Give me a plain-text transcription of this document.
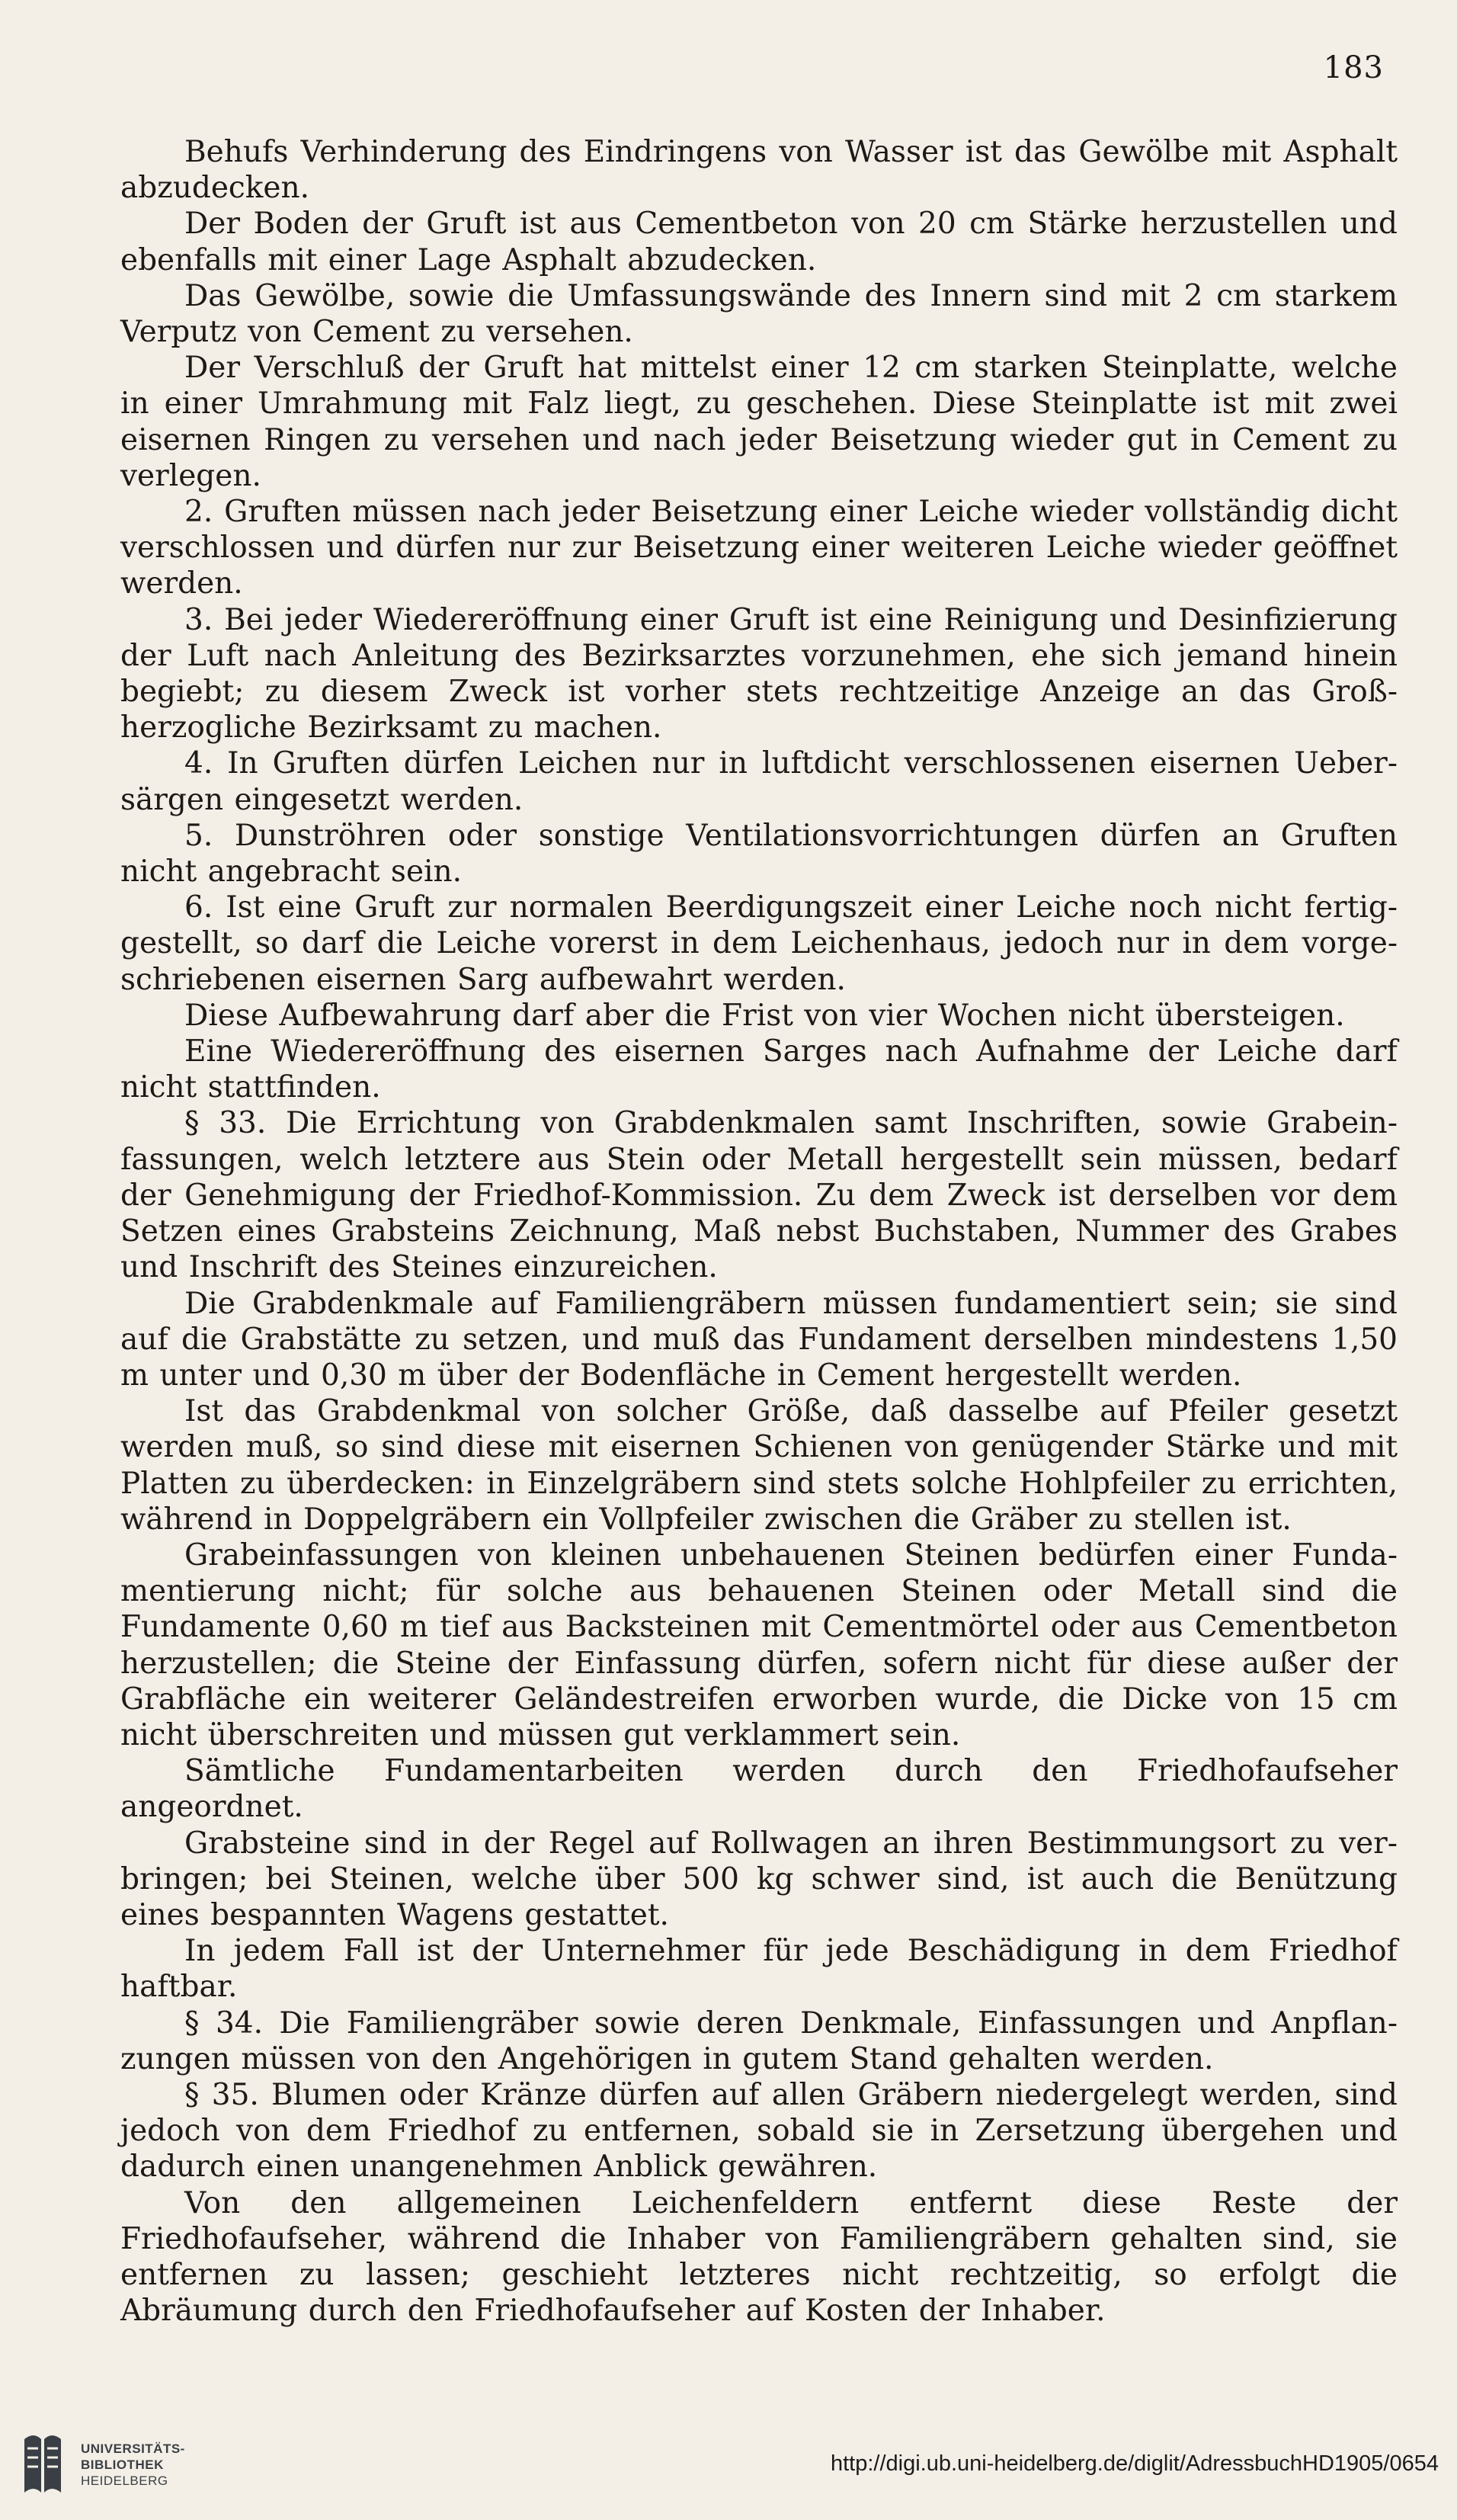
183

Behufs Verhinderung des Eindringens von Wasser ist das Gewölbe mit Asphalt abzudecken.

Der Boden der Gruft ist aus Cementbeton von 20 cm Stärke herzustellen und ebenfalls mit einer Lage Asphalt abzudecken.

Das Gewölbe, sowie die Umfassungswände des Innern sind mit 2 cm starkem Verputz von Cement zu versehen.

Der Verschluß der Gruft hat mittelst einer 12 cm starken Steinplatte, welche in einer Umrahmung mit Falz liegt, zu geschehen. Diese Steinplatte ist mit zwei eisernen Ringen zu versehen und nach jeder Beisetzung wieder gut in Cement zu verlegen.

2. Gruften müssen nach jeder Beisetzung einer Leiche wieder vollständig dicht verschlossen und dürfen nur zur Beisetzung einer weiteren Leiche wieder geöffnet werden.

3. Bei jeder Wiedereröffnung einer Gruft ist eine Reinigung und Desinfizierung der Luft nach Anleitung des Bezirksarztes vorzunehmen, ehe sich jemand hinein begiebt; zu diesem Zweck ist vorher stets rechtzeitige Anzeige an das Großherzogliche Bezirksamt zu machen.

4. In Gruften dürfen Leichen nur in luftdicht verschlossenen eisernen Uebersärgen eingesetzt werden.

5. Dunströhren oder sonstige Ventilationsvorrichtungen dürfen an Gruften nicht angebracht sein.

6. Ist eine Gruft zur normalen Beerdigungszeit einer Leiche noch nicht fertiggestellt, so darf die Leiche vorerst in dem Leichenhaus, jedoch nur in dem vorgeschriebenen eisernen Sarg aufbewahrt werden.

Diese Aufbewahrung darf aber die Frist von vier Wochen nicht übersteigen.

Eine Wiedereröffnung des eisernen Sarges nach Aufnahme der Leiche darf nicht stattfinden.

§ 33. Die Errichtung von Grabdenkmalen samt Inschriften, sowie Grabeinfassungen, welch letztere aus Stein oder Metall hergestellt sein müssen, bedarf der Genehmigung der Friedhof-Kommission. Zu dem Zweck ist derselben vor dem Setzen eines Grabsteins Zeichnung, Maß nebst Buchstaben, Nummer des Grabes und Inschrift des Steines einzureichen.

Die Grabdenkmale auf Familiengräbern müssen fundamentiert sein; sie sind auf die Grabstätte zu setzen, und muß das Fundament derselben mindestens 1,50 m unter und 0,30 m über der Bodenfläche in Cement hergestellt werden.

Ist das Grabdenkmal von solcher Größe, daß dasselbe auf Pfeiler gesetzt werden muß, so sind diese mit eisernen Schienen von genügender Stärke und mit Platten zu überdecken: in Einzelgräbern sind stets solche Hohlpfeiler zu errichten, während in Doppelgräbern ein Vollpfeiler zwischen die Gräber zu stellen ist.

Grabeinfassungen von kleinen unbehauenen Steinen bedürfen einer Fundamentierung nicht; für solche aus behauenen Steinen oder Metall sind die Fundamente 0,60 m tief aus Backsteinen mit Cementmörtel oder aus Cementbeton herzustellen; die Steine der Einfassung dürfen, sofern nicht für diese außer der Grabfläche ein weiterer Geländestreifen erworben wurde, die Dicke von 15 cm nicht überschreiten und müssen gut verklammert sein.

Sämtliche Fundamentarbeiten werden durch den Friedhofaufseher angeordnet.

Grabsteine sind in der Regel auf Rollwagen an ihren Bestimmungsort zu verbringen; bei Steinen, welche über 500 kg schwer sind, ist auch die Benützung eines bespannten Wagens gestattet.

In jedem Fall ist der Unternehmer für jede Beschädigung in dem Friedhof haftbar.

§ 34. Die Familiengräber sowie deren Denkmale, Einfassungen und Anpflanzungen müssen von den Angehörigen in gutem Stand gehalten werden.

§ 35. Blumen oder Kränze dürfen auf allen Gräbern niedergelegt werden, sind jedoch von dem Friedhof zu entfernen, sobald sie in Zersetzung übergehen und dadurch einen unangenehmen Anblick gewähren.

Von den allgemeinen Leichenfeldern entfernt diese Reste der Friedhofaufseher, während die Inhaber von Familiengräbern gehalten sind, sie entfernen zu lassen; geschieht letzteres nicht rechtzeitig, so erfolgt die Abräumung durch den Friedhofaufseher auf Kosten der Inhaber.

UNIVERSITÄTS-
BIBLIOTHEK
HEIDELBERG
http://digi.ub.uni-heidelberg.de/diglit/AdressbuchHD1905/0654
